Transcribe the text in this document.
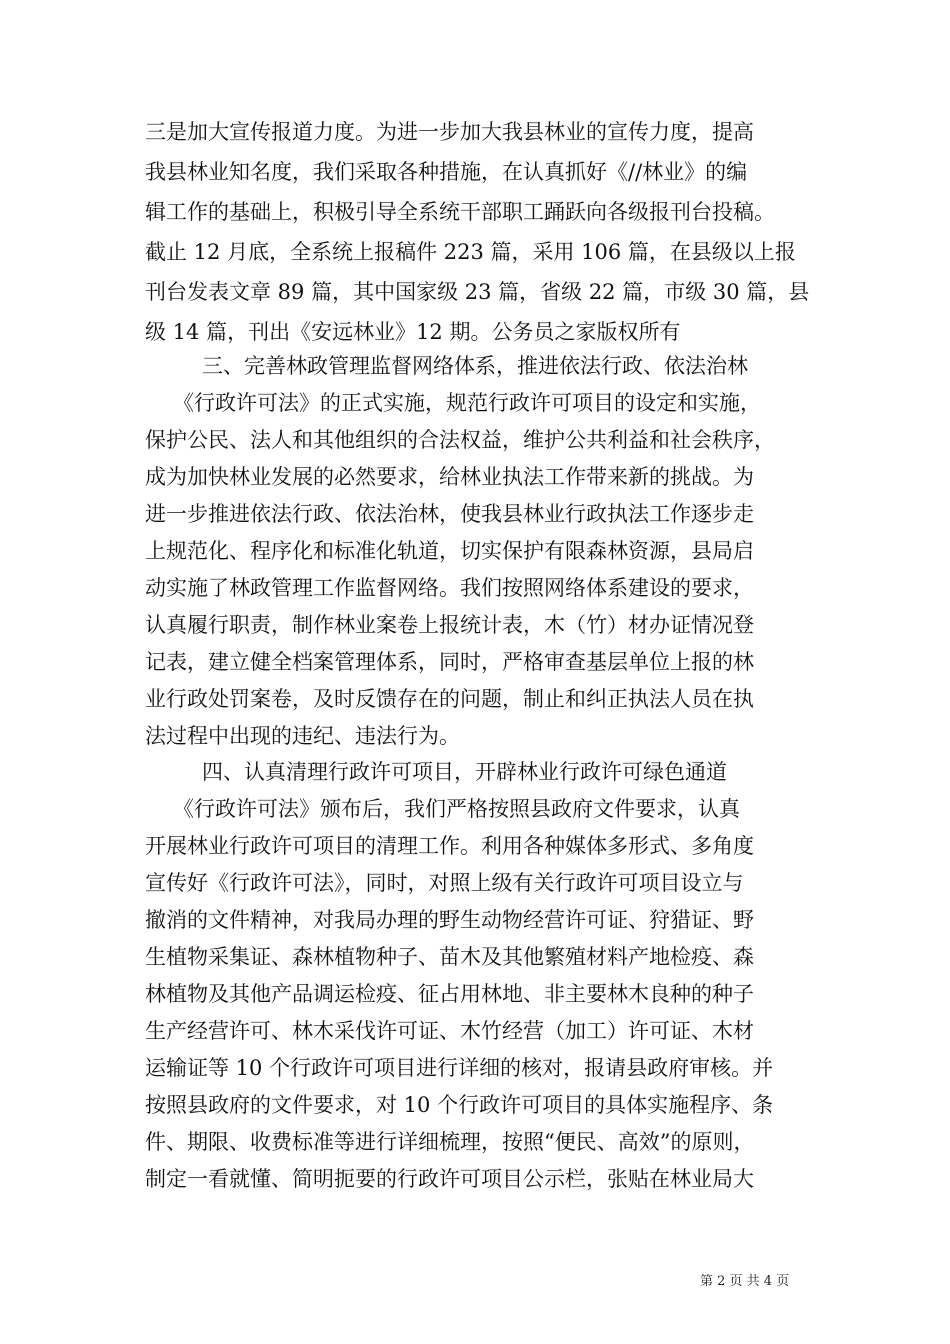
三是加大宣传报道力度。为进一步加大我县林业的宣传力度，提高
我县林业知名度，我们采取各种措施，在认真抓好《//林业》的编
辑工作的基础上，积极引导全系统干部职工踊跃向各级报刊台投稿。
截止 12 月底，全系统上报稿件 223 篇，采用 106 篇，在县级以上报
刊台发表文章 89 篇，其中国家级 23 篇，省级 22 篇，市级 30 篇，县
级 14 篇，刊出《安远林业》12 期。公务员之家版权所有
三、完善林政管理监督网络体系，推进依法行政、依法治林
《行政许可法》的正式实施，规范行政许可项目的设定和实施，
保护公民、法人和其他组织的合法权益，维护公共利益和社会秩序，
成为加快林业发展的必然要求，给林业执法工作带来新的挑战。为
进一步推进依法行政、依法治林，使我县林业行政执法工作逐步走
上规范化、程序化和标准化轨道，切实保护有限森林资源，县局启
动实施了林政管理工作监督网络。我们按照网络体系建设的要求，
认真履行职责，制作林业案卷上报统计表，木（竹）材办证情况登
记表，建立健全档案管理体系，同时，严格审查基层单位上报的林
业行政处罚案卷，及时反馈存在的问题，制止和纠正执法人员在执
法过程中出现的违纪、违法行为。
四、认真清理行政许可项目，开辟林业行政许可绿色通道
《行政许可法》颁布后，我们严格按照县政府文件要求，认真
开展林业行政许可项目的清理工作。利用各种媒体多形式、多角度
宣传好《行政许可法》，同时，对照上级有关行政许可项目设立与
撤消的文件精神，对我局办理的野生动物经营许可证、狩猎证、野
生植物采集证、森林植物种子、苗木及其他繁殖材料产地检疫、森
林植物及其他产品调运检疫、征占用林地、非主要林木良种的种子
生产经营许可、林木采伐许可证、木竹经营（加工）许可证、木材
运输证等 10 个行政许可项目进行详细的核对，报请县政府审核。并
按照县政府的文件要求，对 10 个行政许可项目的具体实施程序、条
件、期限、收费标准等进行详细梳理，按照“便民、高效”的原则，
制定一看就懂、简明扼要的行政许可项目公示栏，张贴在林业局大
第 2 页 共 4 页
